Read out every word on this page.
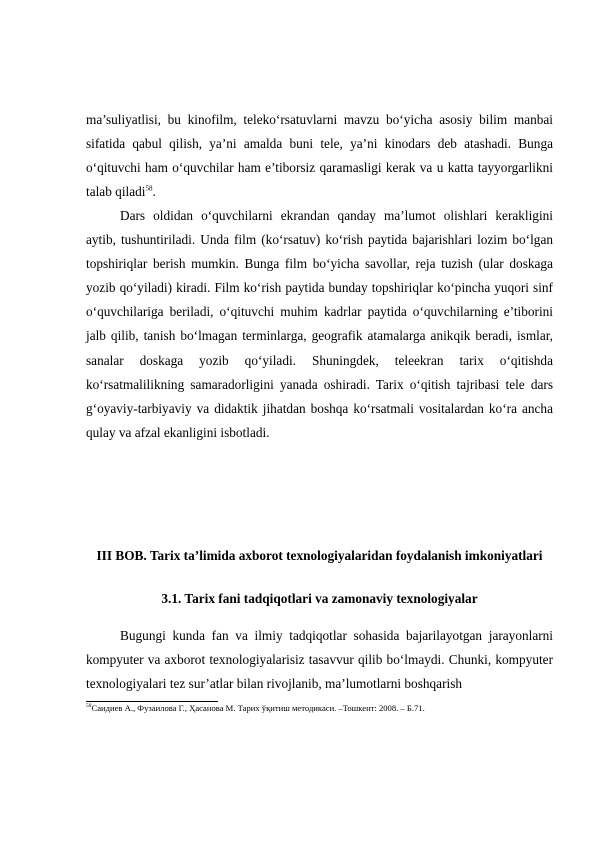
ma’suliyatlisi, bu kinofilm, teleko‘rsatuvlarni mavzu bo‘yicha asosiy bilim manbai sifatida qabul qilish, ya’ni amalda buni tele, ya’ni kinodars deb atashadi. Bunga o‘qituvchi ham o‘quvchilar ham e’tiborsiz qaramasligi kerak va u katta tayyorgarlikni talab qiladi$^{58}$.

Dars oldidan o‘quvchilarni ekrandan qanday ma’lumot olishlari kerakligini aytib, tushuntiriladi. Unda film (ko‘rsatuv) ko‘rish paytida bajarishlari lozim bo‘lgan topshiriqlar berish mumkin. Bunga film bo‘yicha savollar, reja tuzish (ular doskaga yozib qo‘yiladi) kiradi. Film ko‘rish paytida bunday topshiriqlar ko‘pincha yuqori sinf o‘quvchilariga beriladi, o‘qituvchi muhim kadrlar paytida o‘quvchilarning e’tiborini jalb qilib, tanish bo‘lmagan terminlarga, geografik atamalarga anikqik beradi, ismlar, sanalar doskaga yozib qo‘yiladi. Shuningdek, teleekran tarix o‘qitishda ko‘rsatmalilikning samaradorligini yanada oshiradi. Tarix o‘qitish tajribasi tele dars g‘oyaviy-tarbiyaviy va didaktik jihatdan boshqa ko‘rsatmali vositalardan ko‘ra ancha qulay va afzal ekanligini isbotladi.

III BOB. Tarix ta’limida axborot texnologiyalaridan foydalanish imkoniyatlari
3.1. Tarix fani tadqiqotlari va zamonaviy texnologiyalar

Bugungi kunda fan va ilmiy tadqiqotlar sohasida bajarilayotgan jarayonlarni kompyuter va axborot texnologiyalarisiz tasavvur qilib bo‘lmaydi. Chunki, kompyuter texnologiyalari tez sur’atlar bilan rivojlanib, ma’lumotlarni boshqarish

$^{58}$Саидиев А., Фузаилова Г., Ҳасанова М. Тарих ўқитиш методикаси. –Тошкент: 2008. – Б.71.
